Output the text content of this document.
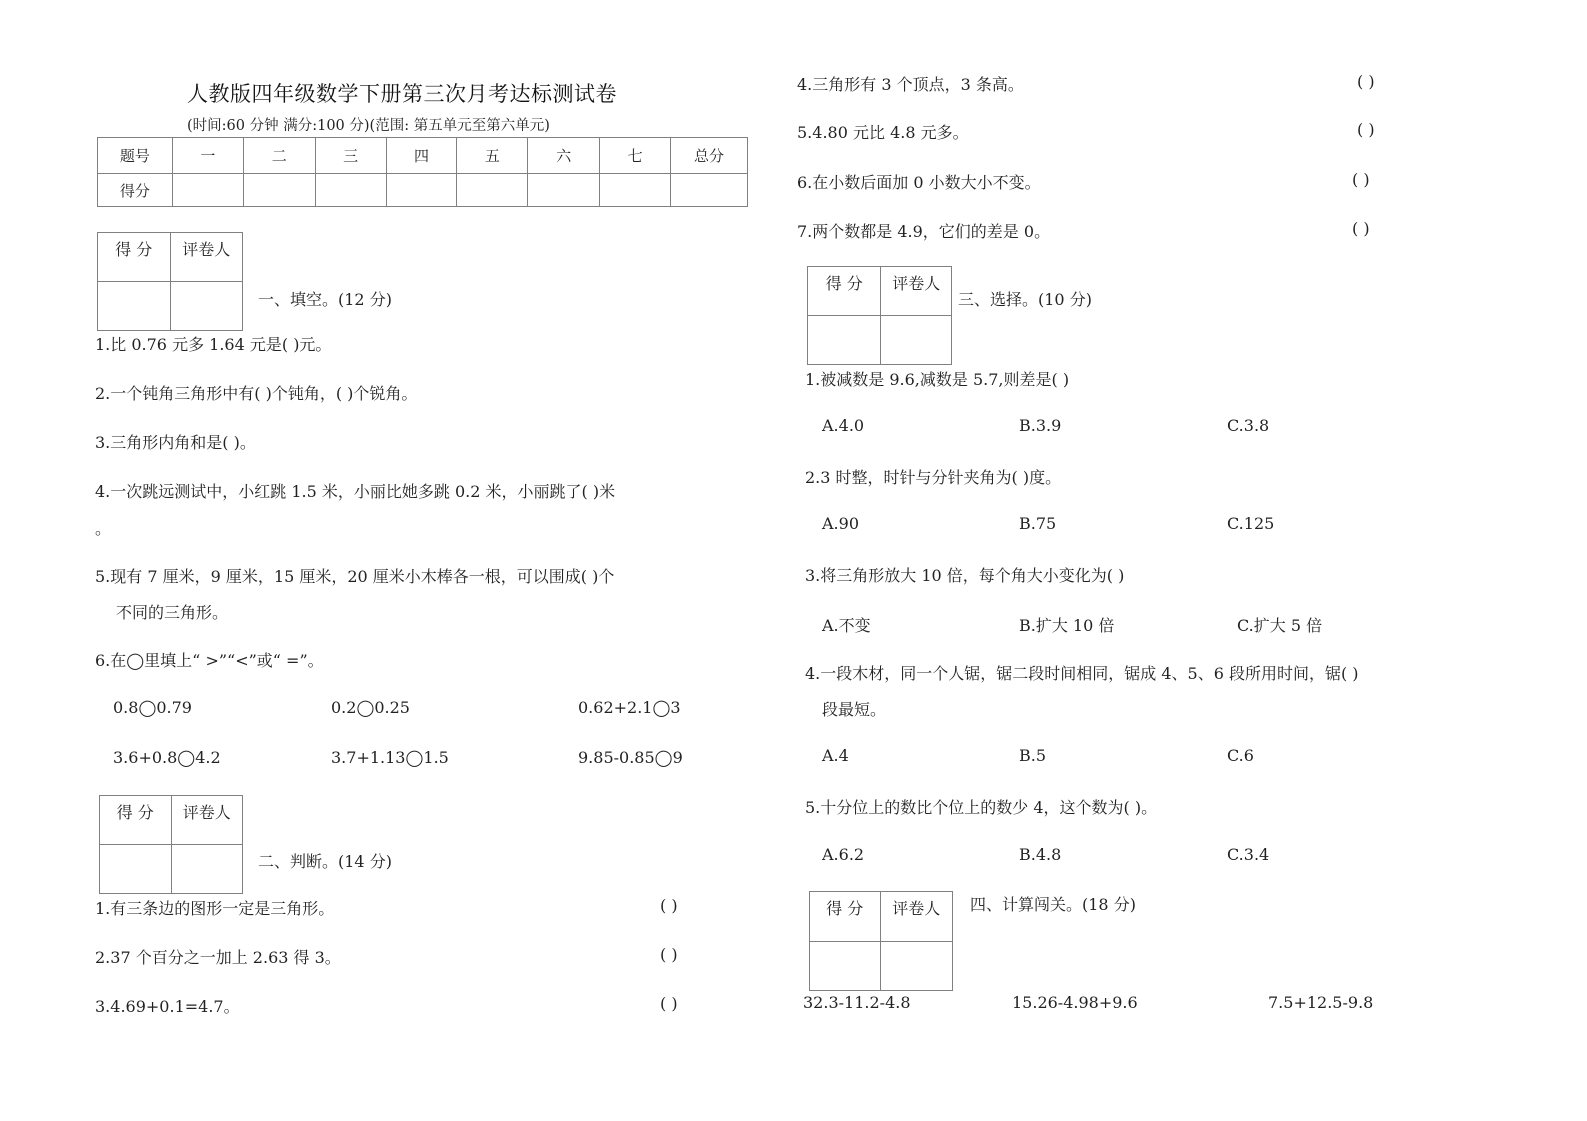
人教版四年级数学下册第三次月考达标测试卷
(时间:60 分钟 满分:100 分)(范围: 第五单元至第六单元)
题号	一	二	三	四	五	六	七	总分
得分								
得 分	评卷人

一、填空。(12 分)
1.比 0.76 元多 1.64 元是( )元。
2.一个钝角三角形中有( )个钝角，( )个锐角。
3.三角形内角和是( )。
4.一次跳远测试中，小红跳 1.5 米，小丽比她多跳 0.2 米，小丽跳了( )米
。
5.现有 7 厘米，9 厘米，15 厘米，20 厘米小木棒各一根，可以围成( )个
不同的三角形。
6.在◯里填上“ >”“<”或“ =”。
0.8◯0.79	0.2◯0.25	0.62+2.1◯3
3.6+0.8◯4.2	3.7+1.13◯1.5	9.85-0.85◯9
得 分	评卷人

二、判断。(14 分)
1.有三条边的图形一定是三角形。	( )
2.37 个百分之一加上 2.63 得 3。	( )
3.4.69+0.1=4.7。	( )
4.三角形有 3 个顶点，3 条高。	( )
5.4.80 元比 4.8 元多。	( )
6.在小数后面加 0 小数大小不变。	( )
7.两个数都是 4.9，它们的差是 0。	( )
得 分	评卷人

三、选择。(10 分)
1.被减数是 9.6,减数是 5.7,则差是( )
A.4.0	B.3.9	C.3.8
2.3 时整，时针与分针夹角为( )度。
A.90	B.75	C.125
3.将三角形放大 10 倍，每个角大小变化为( )
A.不变	B.扩大 10 倍	C.扩大 5 倍
4.一段木材，同一个人锯，锯二段时间相同，锯成 4、5、6 段所用时间，锯( )
段最短。
A.4	B.5	C.6
5.十分位上的数比个位上的数少 4，这个数为( )。
A.6.2	B.4.8	C.3.4
得 分	评卷人
	四、计算闯关。(18 分)
32.3-11.2-4.8	15.26-4.98+9.6	7.5+12.5-9.8
